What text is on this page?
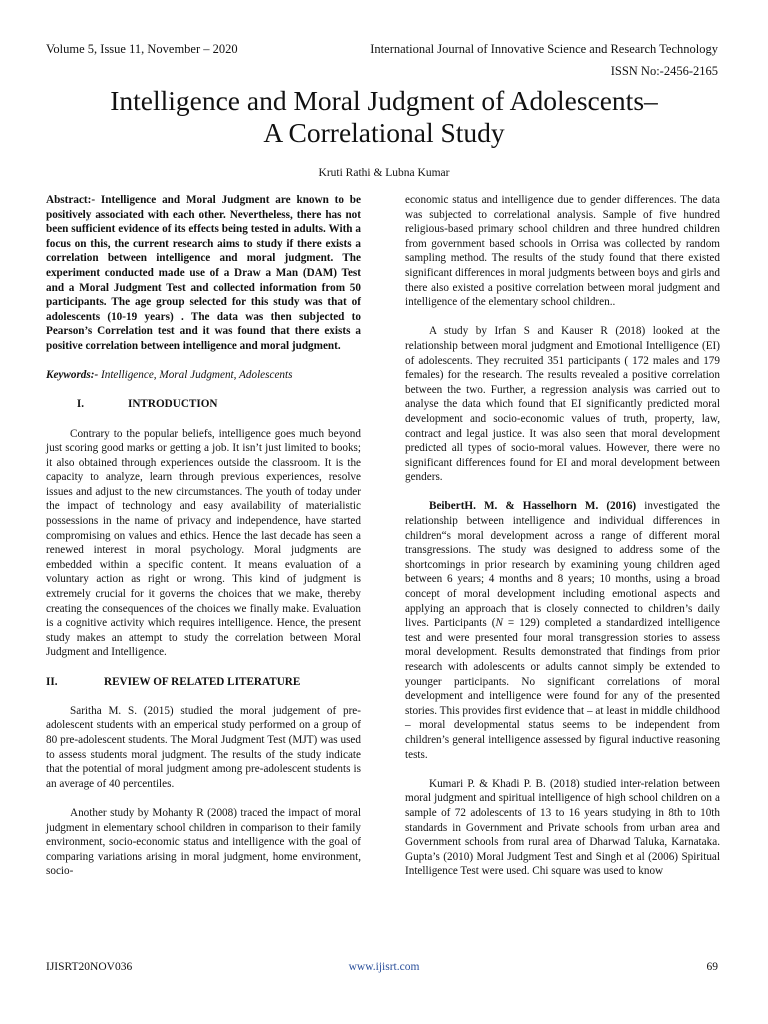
Volume 5, Issue 11, November – 2020	International Journal of Innovative Science and Research Technology
ISSN No:-2456-2165
Intelligence and Moral Judgment of Adolescents–
A Correlational Study
Kruti Rathi & Lubna Kumar

Abstract:- Intelligence and Moral Judgment are known to be positively associated with each other. Nevertheless, there has not been sufficient evidence of its effects being tested in adults. With a focus on this, the current research aims to study if there exists a correlation between intelligence and moral judgment. The experiment conducted made use of a Draw a Man (DAM) Test and a Moral Judgment Test and collected information from 50 participants. The age group selected for this study was that of adolescents (10-19 years) . The data was then subjected to Pearson’s Correlation test and it was found that there exists a positive correlation between intelligence and moral judgment.

Keywords:- Intelligence, Moral Judgment, Adolescents

I.	INTRODUCTION

Contrary to the popular beliefs, intelligence goes much beyond just scoring good marks or getting a job. It isn’t just limited to books; it also obtained through experiences outside the classroom. It is the capacity to analyze, learn through previous experiences, resolve issues and adjust to the new circumstances. The youth of today under the impact of technology and easy availability of materialistic possessions in the name of privacy and independence, have started compromising on values and ethics. Hence the last decade has seen a renewed interest in moral psychology. Moral judgments are embedded within a specific content. It means evaluation of a voluntary action as right or wrong. This kind of judgment is extremely crucial for it governs the choices that we make, thereby creating the consequences of the choices we finally make. Evaluation is a cognitive activity which requires intelligence. Hence, the present study makes an attempt to study the correlation between Moral Judgment and Intelligence.

II.	REVIEW OF RELATED LITERATURE

Saritha M. S. (2015) studied the moral judgement of pre-adolescent students with an emperical study performed on a group of 80 pre-adolescent students. The Moral Judgment Test (MJT) was used to assess students moral judgment. The results of the study indicate that the potential of moral judgment among pre-adolescent students is an average of 40 percentiles.

Another study by Mohanty R (2008) traced the impact of moral judgment in elementary school children in comparison to their family environment, socio-economic status and intelligence with the goal of comparing variations arising in moral judgment, home environment, socio-

economic status and intelligence due to gender differences. The data was subjected to correlational analysis. Sample of five hundred religious-based primary school children and three hundred children from government based schools in Orrisa was collected by random sampling method. The results of the study found that there existed significant differences in moral judgments between boys and girls and there also existed a positive correlation between moral judgment and intelligence of the elementary school children..

A study by Irfan S and Kauser R (2018) looked at the relationship between moral judgment and Emotional Intelligence (EI) of adolescents. They recruited 351 participants ( 172 males and 179 females) for the research. The results revealed a positive correlation between the two. Further, a regression analysis was carried out to analyse the data which found that EI significantly predicted moral development and socio-economic values of truth, property, law, contract and legal justice. It was also seen that moral development predicted all types of socio-moral values. However, there were no significant differences found for EI and moral development between genders.

BeibertH. M. & Hasselhorn M. (2016) investigated the relationship between intelligence and individual differences in children“s moral development across a range of different moral transgressions. The study was designed to address some of the shortcomings in prior research by examining young children aged between 6 years; 4 months and 8 years; 10 months, using a broad concept of moral development including emotional aspects and applying an approach that is closely connected to children’s daily lives. Participants (N = 129) completed a standardized intelligence test and were presented four moral transgression stories to assess moral development. Results demonstrated that findings from prior research with adolescents or adults cannot simply be extended to younger participants. No significant correlations of moral development and intelligence were found for any of the presented stories. This provides first evidence that – at least in middle childhood – moral developmental status seems to be independent from children’s general intelligence assessed by figural inductive reasoning tests.

Kumari P. & Khadi P. B. (2018) studied inter-relation between moral judgment and spiritual intelligence of high school children on a sample of 72 adolescents of 13 to 16 years studying in 8th to 10th standards in Government and Private schools from urban area and Government schools from rural area of Dharwad Taluka, Karnataka. Gupta’s (2010) Moral Judgment Test and Singh et al (2006) Spiritual Intelligence Test were used. Chi square was used to know

IJISRT20NOV036	www.ijisrt.com	69
